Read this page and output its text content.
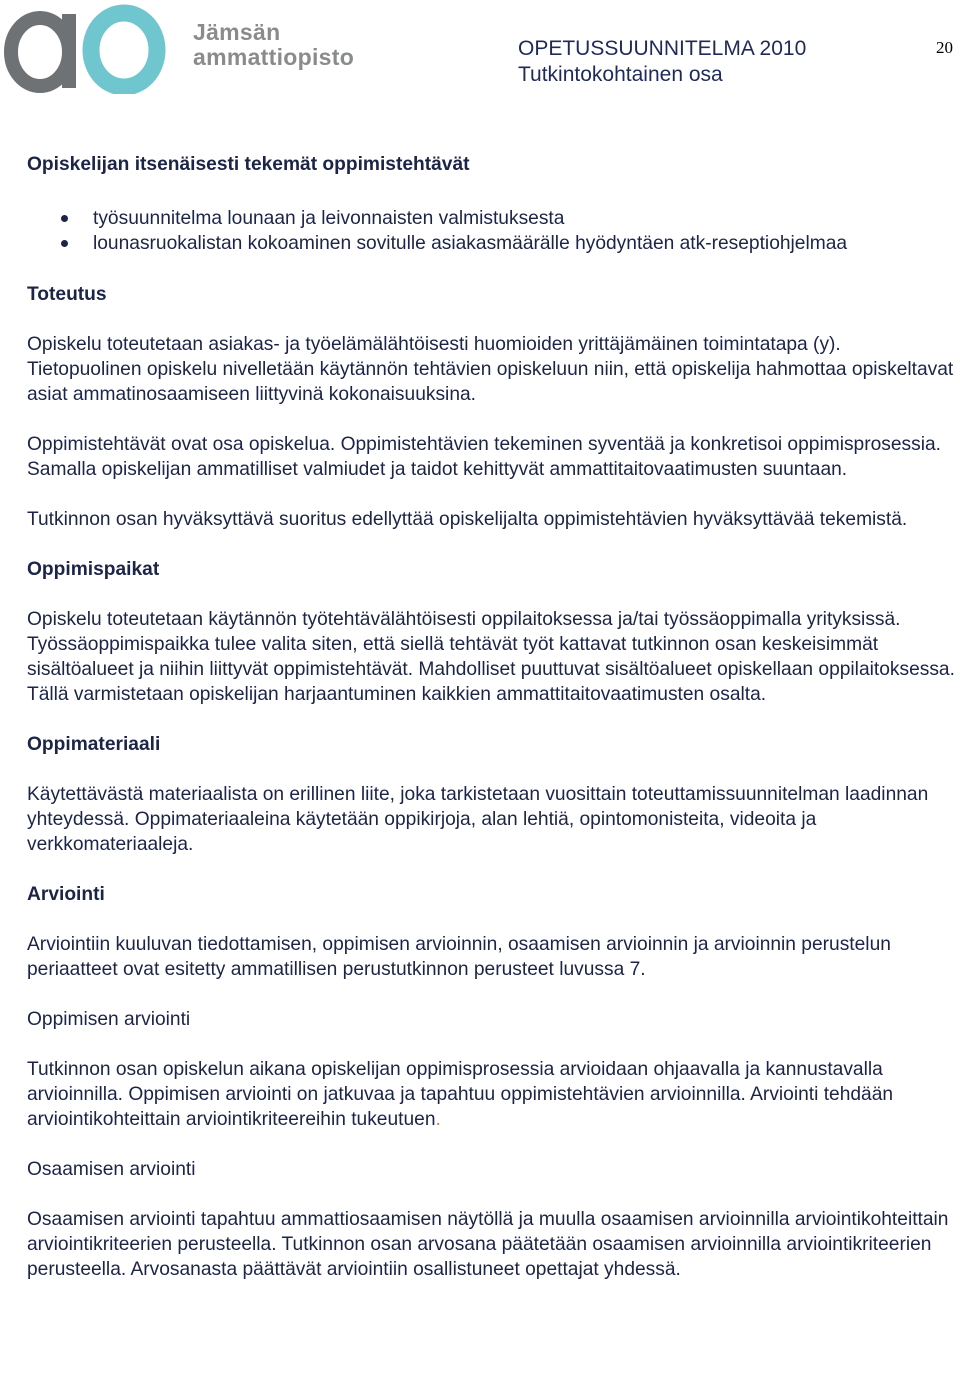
Jämsän
ammattiopisto	OPETUSSUUNNITELMA 2010
Tutkintokohtainen osa
20
Opiskelijan itsenäisesti tekemät oppimistehtävät
työsuunnitelma lounaan ja leivonnaisten valmistuksesta
lounasruokalistan kokoaminen sovitulle asiakasmäärälle hyödyntäen atk-reseptiohjelmaa
Toteutus

Opiskelu toteutetaan asiakas- ja työelämälähtöisesti huomioiden yrittäjämäinen toimintatapa (y). Tietopuolinen opiskelu nivelletään käytännön tehtävien opiskeluun niin, että opiskelija hahmottaa opiskeltavat asiat ammatinosaamiseen liittyvinä kokonaisuuksina.

Oppimistehtävät ovat osa opiskelua. Oppimistehtävien tekeminen syventää ja konkretisoi oppimisprosessia. Samalla opiskelijan ammatilliset valmiudet ja taidot kehittyvät ammattitaitovaatimusten suuntaan.

Tutkinnon osan hyväksyttävä suoritus edellyttää opiskelijalta oppimistehtävien hyväksyttävää tekemistä.

Oppimispaikat

Opiskelu toteutetaan käytännön työtehtävälähtöisesti oppilaitoksessa ja/tai työssäoppimalla yrityksissä. Työssäoppimispaikka tulee valita siten, että siellä tehtävät työt kattavat tutkinnon osan keskeisimmät sisältöalueet ja niihin liittyvät oppimistehtävät. Mahdolliset puuttuvat sisältöalueet opiskellaan oppilaitoksessa. Tällä varmistetaan opiskelijan harjaantuminen kaikkien ammattitaitovaatimusten osalta.

Oppimateriaali

Käytettävästä materiaalista on erillinen liite, joka tarkistetaan vuosittain toteuttamissuunnitelman laadinnan yhteydessä. Oppimateriaaleina käytetään oppikirjoja, alan lehtiä, opintomonisteita, videoita ja verkkomateriaaleja.

Arviointi

Arviointiin kuuluvan tiedottamisen, oppimisen arvioinnin, osaamisen arvioinnin ja arvioinnin perustelun periaatteet ovat esitetty ammatillisen perustutkinnon perusteet luvussa 7.

Oppimisen arviointi

Tutkinnon osan opiskelun aikana opiskelijan oppimisprosessia arvioidaan ohjaavalla ja kannustavalla arvioinnilla. Oppimisen arviointi on jatkuvaa ja tapahtuu oppimistehtävien arvioinnilla. Arviointi tehdään arviointikohteittain arviointikriteereihin tukeutuen.

Osaamisen arviointi

Osaamisen arviointi tapahtuu ammattiosaamisen näytöllä ja muulla osaamisen arvioinnilla arviointikohteittain arviointikriteerien perusteella. Tutkinnon osan arvosana päätetään osaamisen arvioinnilla arviointikriteerien perusteella. Arvosanasta päättävät arviointiin osallistuneet opettajat yhdessä.
